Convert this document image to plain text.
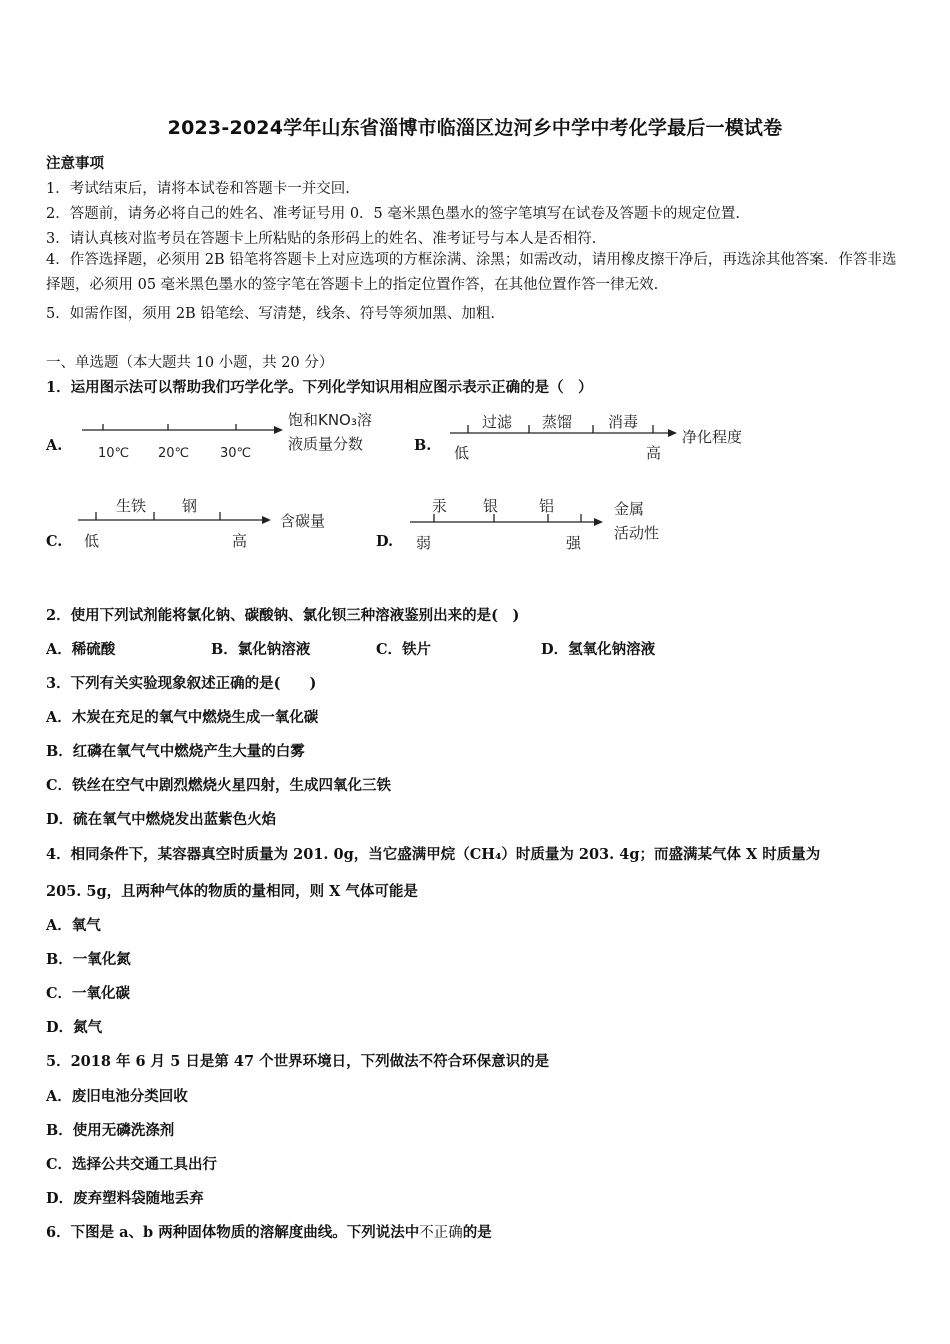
2023-2024学年山东省淄博市临淄区边河乡中学中考化学最后一模试卷
注意事项
1．考试结束后，请将本试卷和答题卡一并交回.
2．答题前，请务必将自己的姓名、准考证号用 0．5 毫米黑色墨水的签字笔填写在试卷及答题卡的规定位置.
3．请认真核对监考员在答题卡上所粘贴的条形码上的姓名、准考证号与本人是否相符.
4．作答选择题，必须用 2B 铅笔将答题卡上对应选项的方框涂满、涂黑；如需改动，请用橡皮擦干净后，再选涂其他答案．作答非选择题，必须用 05 毫米黑色墨水的签字笔在答题卡上的指定位置作答，在其他位置作答一律无效.
5．如需作图，须用 2B 铅笔绘、写清楚，线条、符号等须加黑、加粗.
一、单选题（本大题共 10 小题，共 20 分）
1．运用图示法可以帮助我们巧学化学。下列化学知识用相应图示表示正确的是（　）
A.	10℃ 20℃ 30℃
饱和KNO₃溶
液质量分数	B.
过滤 蒸馏 消毒
低	高
净化程度
C.
生铁 钢
低	高
含碳量
D.
汞 银	铝
弱	强
金属
活动性
2．使用下列试剂能将氯化钠、碳酸钠、氯化钡三种溶液鉴别出来的是(　)
A．稀硫酸	B．氯化钠溶液	C．铁片	D．氢氧化钠溶液
3．下列有关实验现象叙述正确的是(　　)
A．木炭在充足的氧气中燃烧生成一氧化碳
B．红磷在氧气气中燃烧产生大量的白雾
C．铁丝在空气中剧烈燃烧火星四射，生成四氧化三铁
D．硫在氧气中燃烧发出蓝紫色火焰
4．相同条件下，某容器真空时质量为 201. 0g，当它盛满甲烷（CH₄）时质量为 203. 4g；而盛满某气体 X 时质量为
205. 5g，且两种气体的物质的量相同，则 X 气体可能是
A．氧气
B．一氧化氮
C．一氧化碳
D．氮气
5．2018 年 6 月 5 日是第 47 个世界环境日，下列做法不符合环保意识的是
A．废旧电池分类回收
B．使用无磷洗涤剂
C．选择公共交通工具出行
D．废弃塑料袋随地丢弃
6．下图是 a、b 两种固体物质的溶解度曲线。下列说法中不正确的是
